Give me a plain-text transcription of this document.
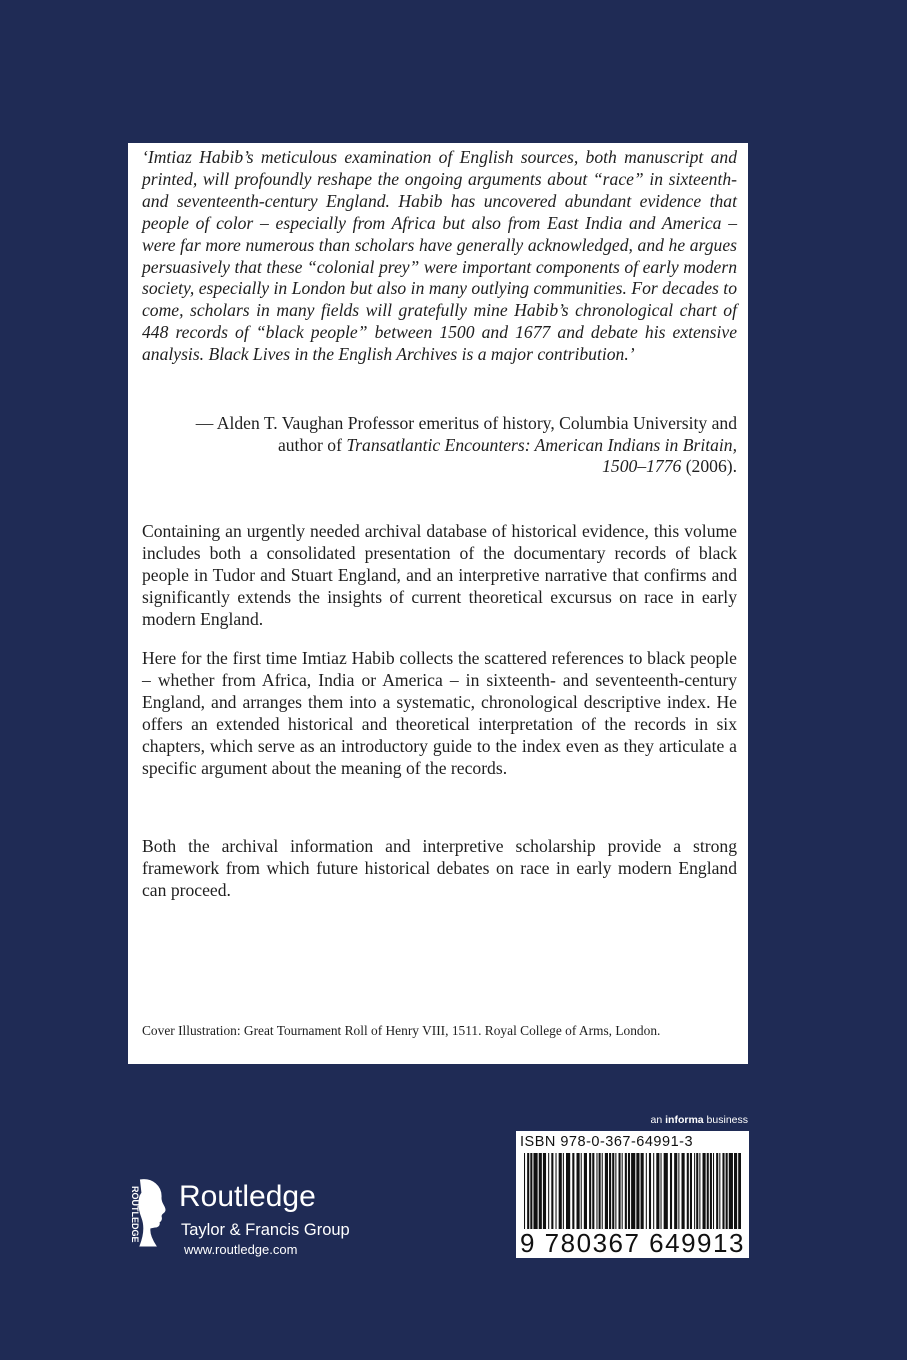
‘Imtiaz Habib’s meticulous examination of English sources, both manuscript and printed, will profoundly reshape the ongoing arguments about “race” in sixteenth- and seventeenth-century England. Habib has uncovered abundant evidence that people of color – especially from Africa but also from East India and America – were far more numerous than scholars have generally acknowledged, and he argues persuasively that these “colonial prey” were important components of early modern society, especially in London but also in many outlying communities. For decades to come, scholars in many fields will gratefully mine Habib’s chronological chart of 448 records of “black people” between 1500 and 1677 and debate his extensive analysis. Black Lives in the English Archives is a major contribution.’
— Alden T. Vaughan Professor emeritus of history, Columbia University and
author of Transatlantic Encounters: American Indians in Britain,
1500–1776 (2006).
Containing an urgently needed archival database of historical evidence, this volume includes both a consolidated presentation of the documentary records of black people in Tudor and Stuart England, and an interpretive narrative that confirms and significantly extends the insights of current theoretical excursus on race in early modern England.
Here for the first time Imtiaz Habib collects the scattered references to black people – whether from Africa, India or America – in sixteenth- and seventeenth-century England, and arranges them into a systematic, chronological descriptive index. He offers an extended historical and theoretical interpretation of the records in six chapters, which serve as an introductory guide to the index even as they articulate a specific argument about the meaning of the records.
Both the archival information and interpretive scholarship provide a strong framework from which future historical debates on race in early modern England can proceed.
Cover Illustration: Great Tournament Roll of Henry VIII, 1511. Royal College of Arms, London.
an informa business
ISBN 978-0-367-64991-3
9 780367 649913
ROUTLEDGE Routledge
Taylor & Francis Group
www.routledge.com
